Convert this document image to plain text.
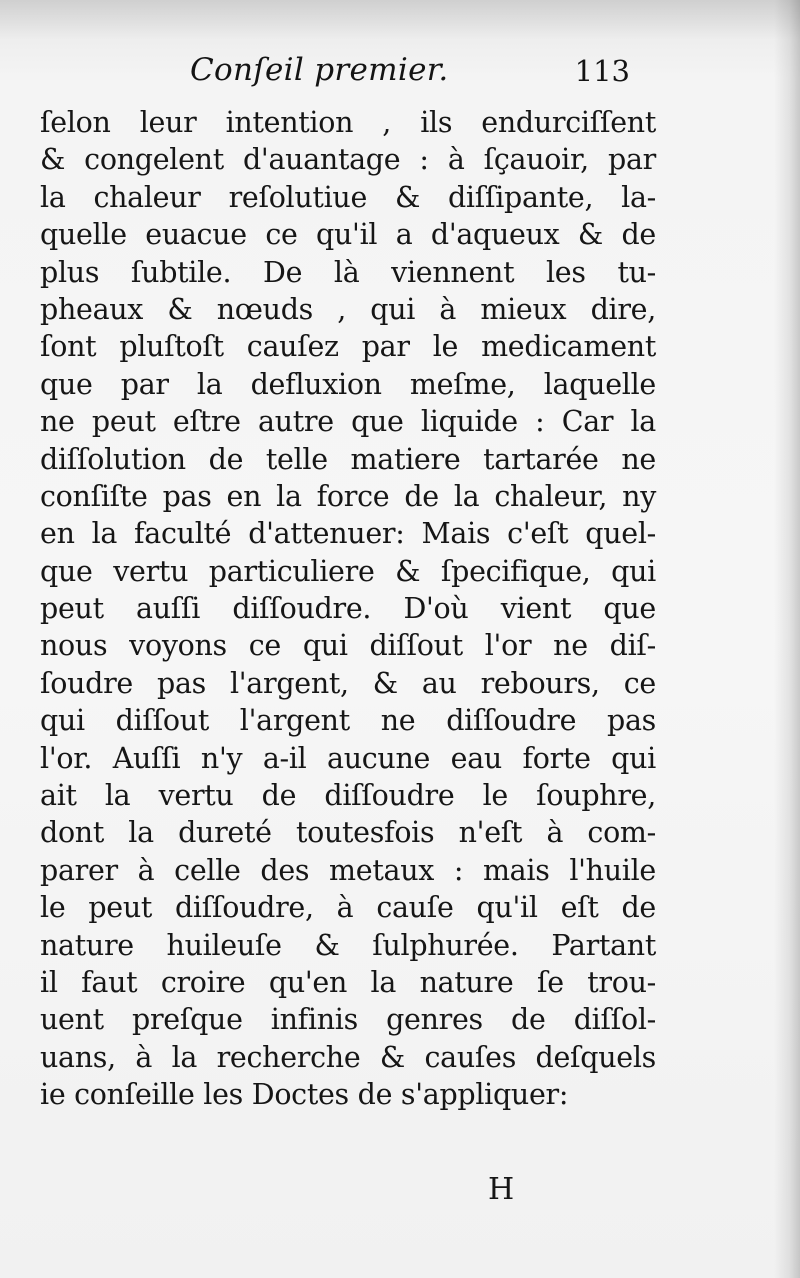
Conſeil premier.	113
ſelon leur intention , ils endurciſſent
& congelent d'auantage : à ſçauoir, par
la chaleur reſolutiue & diſſipante, la-
quelle euacue ce qu'il a d'aqueux & de
plus ſubtile. De là viennent les tu-
pheaux & nœuds , qui à mieux dire,
ſont pluſtoſt cauſez par le medicament
que par la defluxion meſme, laquelle
ne peut eſtre autre que liquide : Car la
diſſolution de telle matiere tartarée ne
conſiſte pas en la force de la chaleur, ny
en la faculté d'attenuer: Mais c'eſt quel-
que vertu particuliere & ſpecifique, qui
peut auſſi diſſoudre. D'où vient que
nous voyons ce qui diſſout l'or ne diſ-
ſoudre pas l'argent, & au rebours, ce
qui diſſout l'argent ne diſſoudre pas
l'or. Auſſi n'y a-il aucune eau forte qui
ait la vertu de diſſoudre le ſouphre,
dont la dureté toutesfois n'eſt à com-
parer à celle des metaux : mais l'huile
le peut diſſoudre, à cauſe qu'il eſt de
nature huileuſe & ſulphurée. Partant
il faut croire qu'en la nature ſe trou-
uent preſque infinis genres de diſſol-
uans, à la recherche & cauſes deſquels
ie conſeille les Doctes de s'appliquer:
H
